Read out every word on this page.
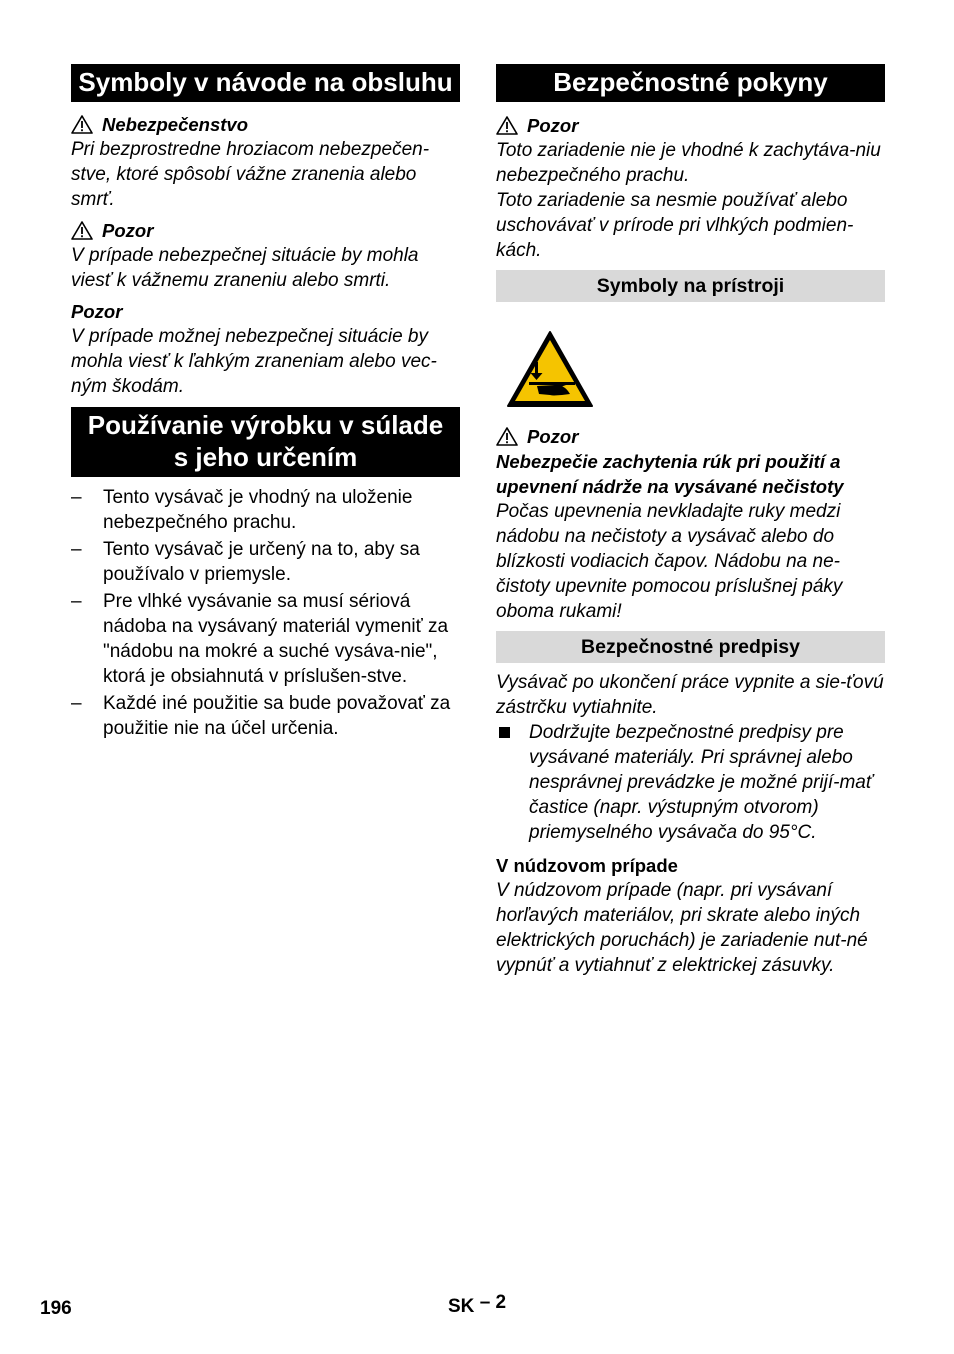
Symboly v návode na obsluhu
Nebezpečenstvo
Pri bezprostredne hroziacom nebezpečen-stve, ktoré spôsobí vážne zranenia alebo smrť.
Pozor
V prípade nebezpečnej situácie by mohla viesť k vážnemu zraneniu alebo smrti.
Pozor
V prípade možnej nebezpečnej situácie by mohla viesť k ľahkým zraneniam alebo vec-ným škodám.
Používanie výrobku v súlade s jeho určením
– Tento vysávač je vhodný na uloženie nebezpečného prachu.
– Tento vysávač je určený na to, aby sa používalo v priemysle.
– Pre vlhké vysávanie sa musí sériová nádoba na vysávaný materiál vymeniť za "nádobu na mokré a suché vysáva-nie", ktorá je obsiahnutá v príslušen-stve.
– Každé iné použitie sa bude považovať za použitie nie na účel určenia.
Bezpečnostné pokyny
Pozor
Toto zariadenie nie je vhodné k zachytáva-niu nebezpečného prachu.
Toto zariadenie sa nesmie používať alebo uschovávať v prírode pri vlhkých podmien-kách.
Symboly na prístroji
Pozor
Nebezpečie zachytenia rúk pri použití a upevnení nádrže na vysávané nečistoty
Počas upevnenia nevkladajte ruky medzi nádobu na nečistoty a vysávač alebo do blízkosti vodiacich čapov. Nádobu na ne-čistoty upevnite pomocou príslušnej páky oboma rukami!
Bezpečnostné predpisy
Vysávač po ukončení práce vypnite a sie-ťovú zástrčku vytiahnite.
Dodržujte bezpečnostné predpisy pre vysávané materiály. Pri správnej alebo nesprávnej prevádzke je možné prijí-mať častice (napr. výstupným otvorom) priemyselného vysávača do 95°C.
V núdzovom prípade
V núdzovom prípade (napr. pri vysávaní horľavých materiálov, pri skrate alebo iných elektrických poruchách) je zariadenie nut-né vypnúť a vytiahnuť z elektrickej zásuvky.
196	SK – 2
